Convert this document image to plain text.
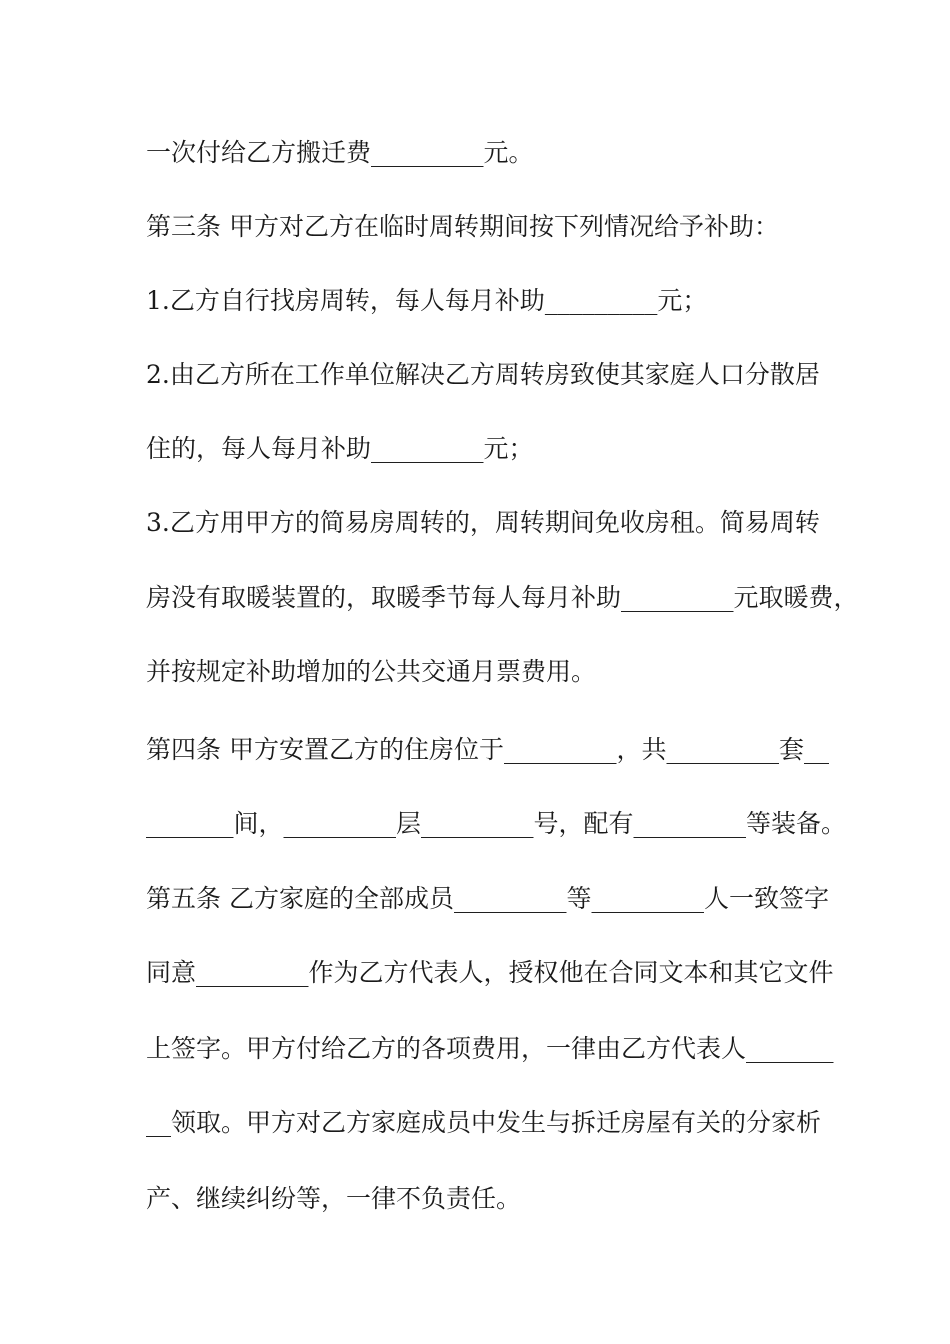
一次付给乙方搬迁费_________元。
第三条 甲方对乙方在临时周转期间按下列情况给予补助：
1.乙方自行找房周转，每人每月补助_________元；
2.由乙方所在工作单位解决乙方周转房致使其家庭人口分散居
住的，每人每月补助_________元；
3.乙方用甲方的简易房周转的，周转期间免收房租。简易周转
房没有取暖装置的，取暖季节每人每月补助_________元取暖费，
并按规定补助增加的公共交通月票费用。
第四条 甲方安置乙方的住房位于_________，共_________套__
_______间，_________层_________号，配有_________等装备。
第五条 乙方家庭的全部成员_________等_________人一致签字
同意_________作为乙方代表人，授权他在合同文本和其它文件
上签字。甲方付给乙方的各项费用，一律由乙方代表人_______
__领取。甲方对乙方家庭成员中发生与拆迁房屋有关的分家析
产、继续纠纷等，一律不负责任。
